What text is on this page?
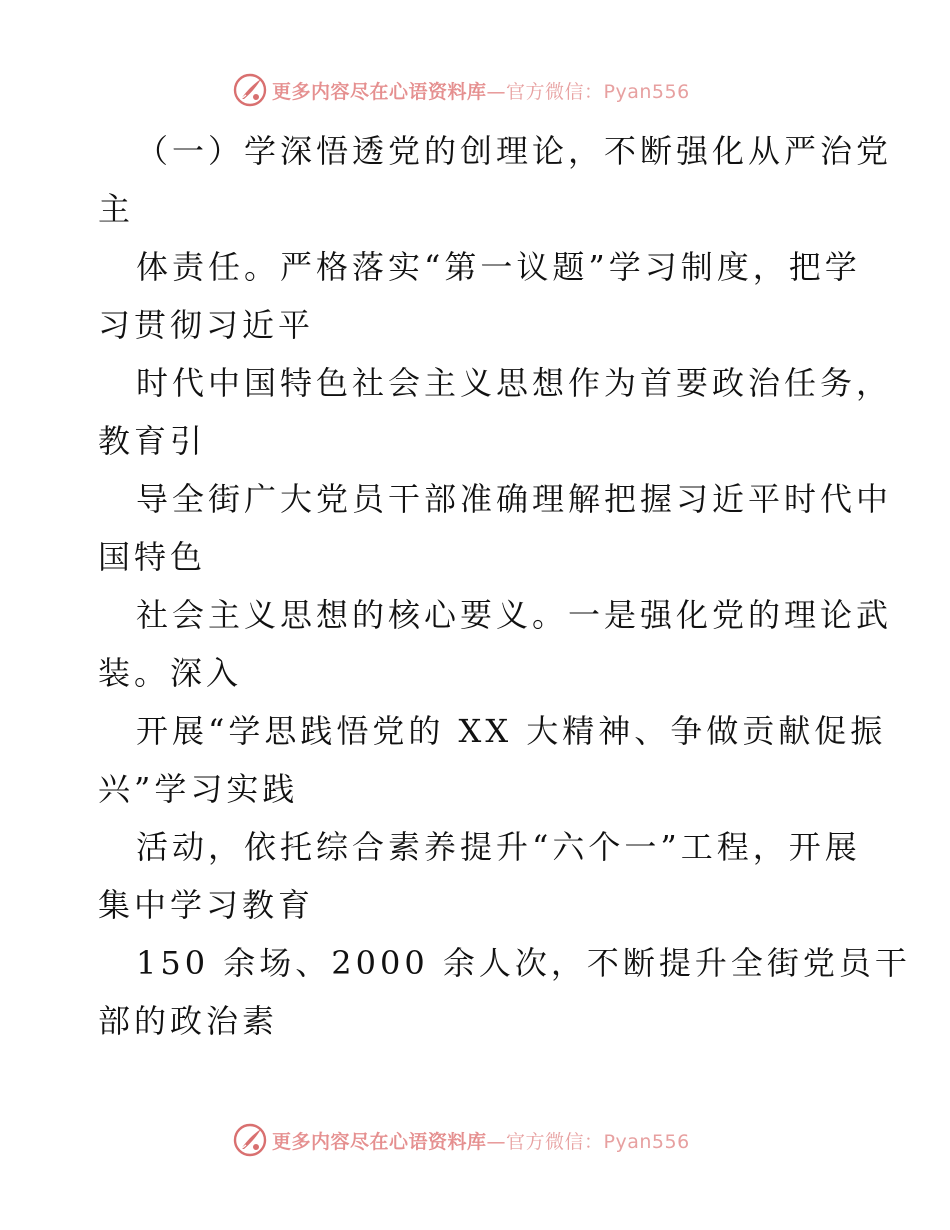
更多内容尽在心语资料库—官方微信：Pyan556
（一）学深悟透党的创理论，不断强化从严治党
主
体责任。严格落实“第一议题”学习制度，把学
习贯彻习近平
时代中国特色社会主义思想作为首要政治任务，
教育引
导全街广大党员干部准确理解把握习近平时代中
国特色
社会主义思想的核心要义。一是强化党的理论武
装。深入
开展“学思践悟党的 XX 大精神、争做贡献促振
兴”学习实践
活动，依托综合素养提升“六个一”工程，开展
集中学习教育
150 余场、2000 余人次，不断提升全街党员干
部的政治素
更多内容尽在心语资料库—官方微信：Pyan556
